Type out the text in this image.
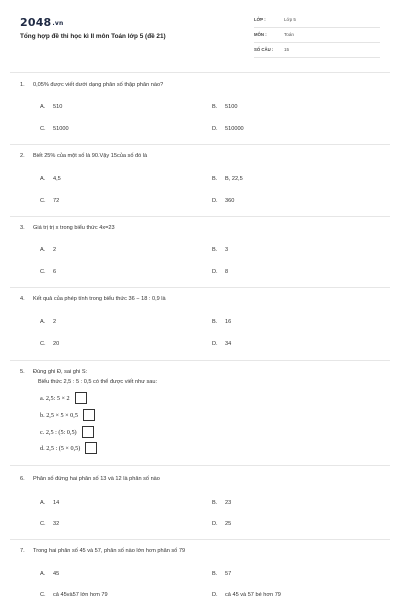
2048.vn
Tổng hợp đề thi học kì II môn Toán lớp 5 (đề 21)
LỚP :	Lớp 5
MÔN :	Toán
SỐ CÂU : 15
1. 0,05% được viết dưới dạng phân số thập phân nào?
A. 510	B. 5100
C. 51000	D. 510000
2. Biết 25% của một số là 90.Vậy 15của số đó là
A. 4,5	B. B, 22,5
C. 72	D. 360
3. Giá trị trị x trong biểu thức 4x=23
A. 2	B. 3
C. 6	D. 8
4. Kết quả của phép tính trong biểu thức 36 − 18 : 0,9 là
A. 2	B. 16
C. 20	D. 34
5. Đúng ghi Đ, sai ghi S:
Biểu thức 2,5 : 5 : 0,5 có thể được viết như sau:
a. 2,5: 5 × 2
b. 2,5 × 5 × 0,5
c. 2,5 : (5: 0,5)
d. 2,5 : (5 × 0,5)
6. Phân số đứng hai phân số 13 và 12 là phân số nào
A. 14	B. 23
C. 32	D. 25
7. Trong hai phân số 45 và 57, phân số nào lớn hơn phân số 79
A. 45	B. 57
C. cả 45và57 lớn hơn 79	D. cả 45 và 57 bé hơn 79
